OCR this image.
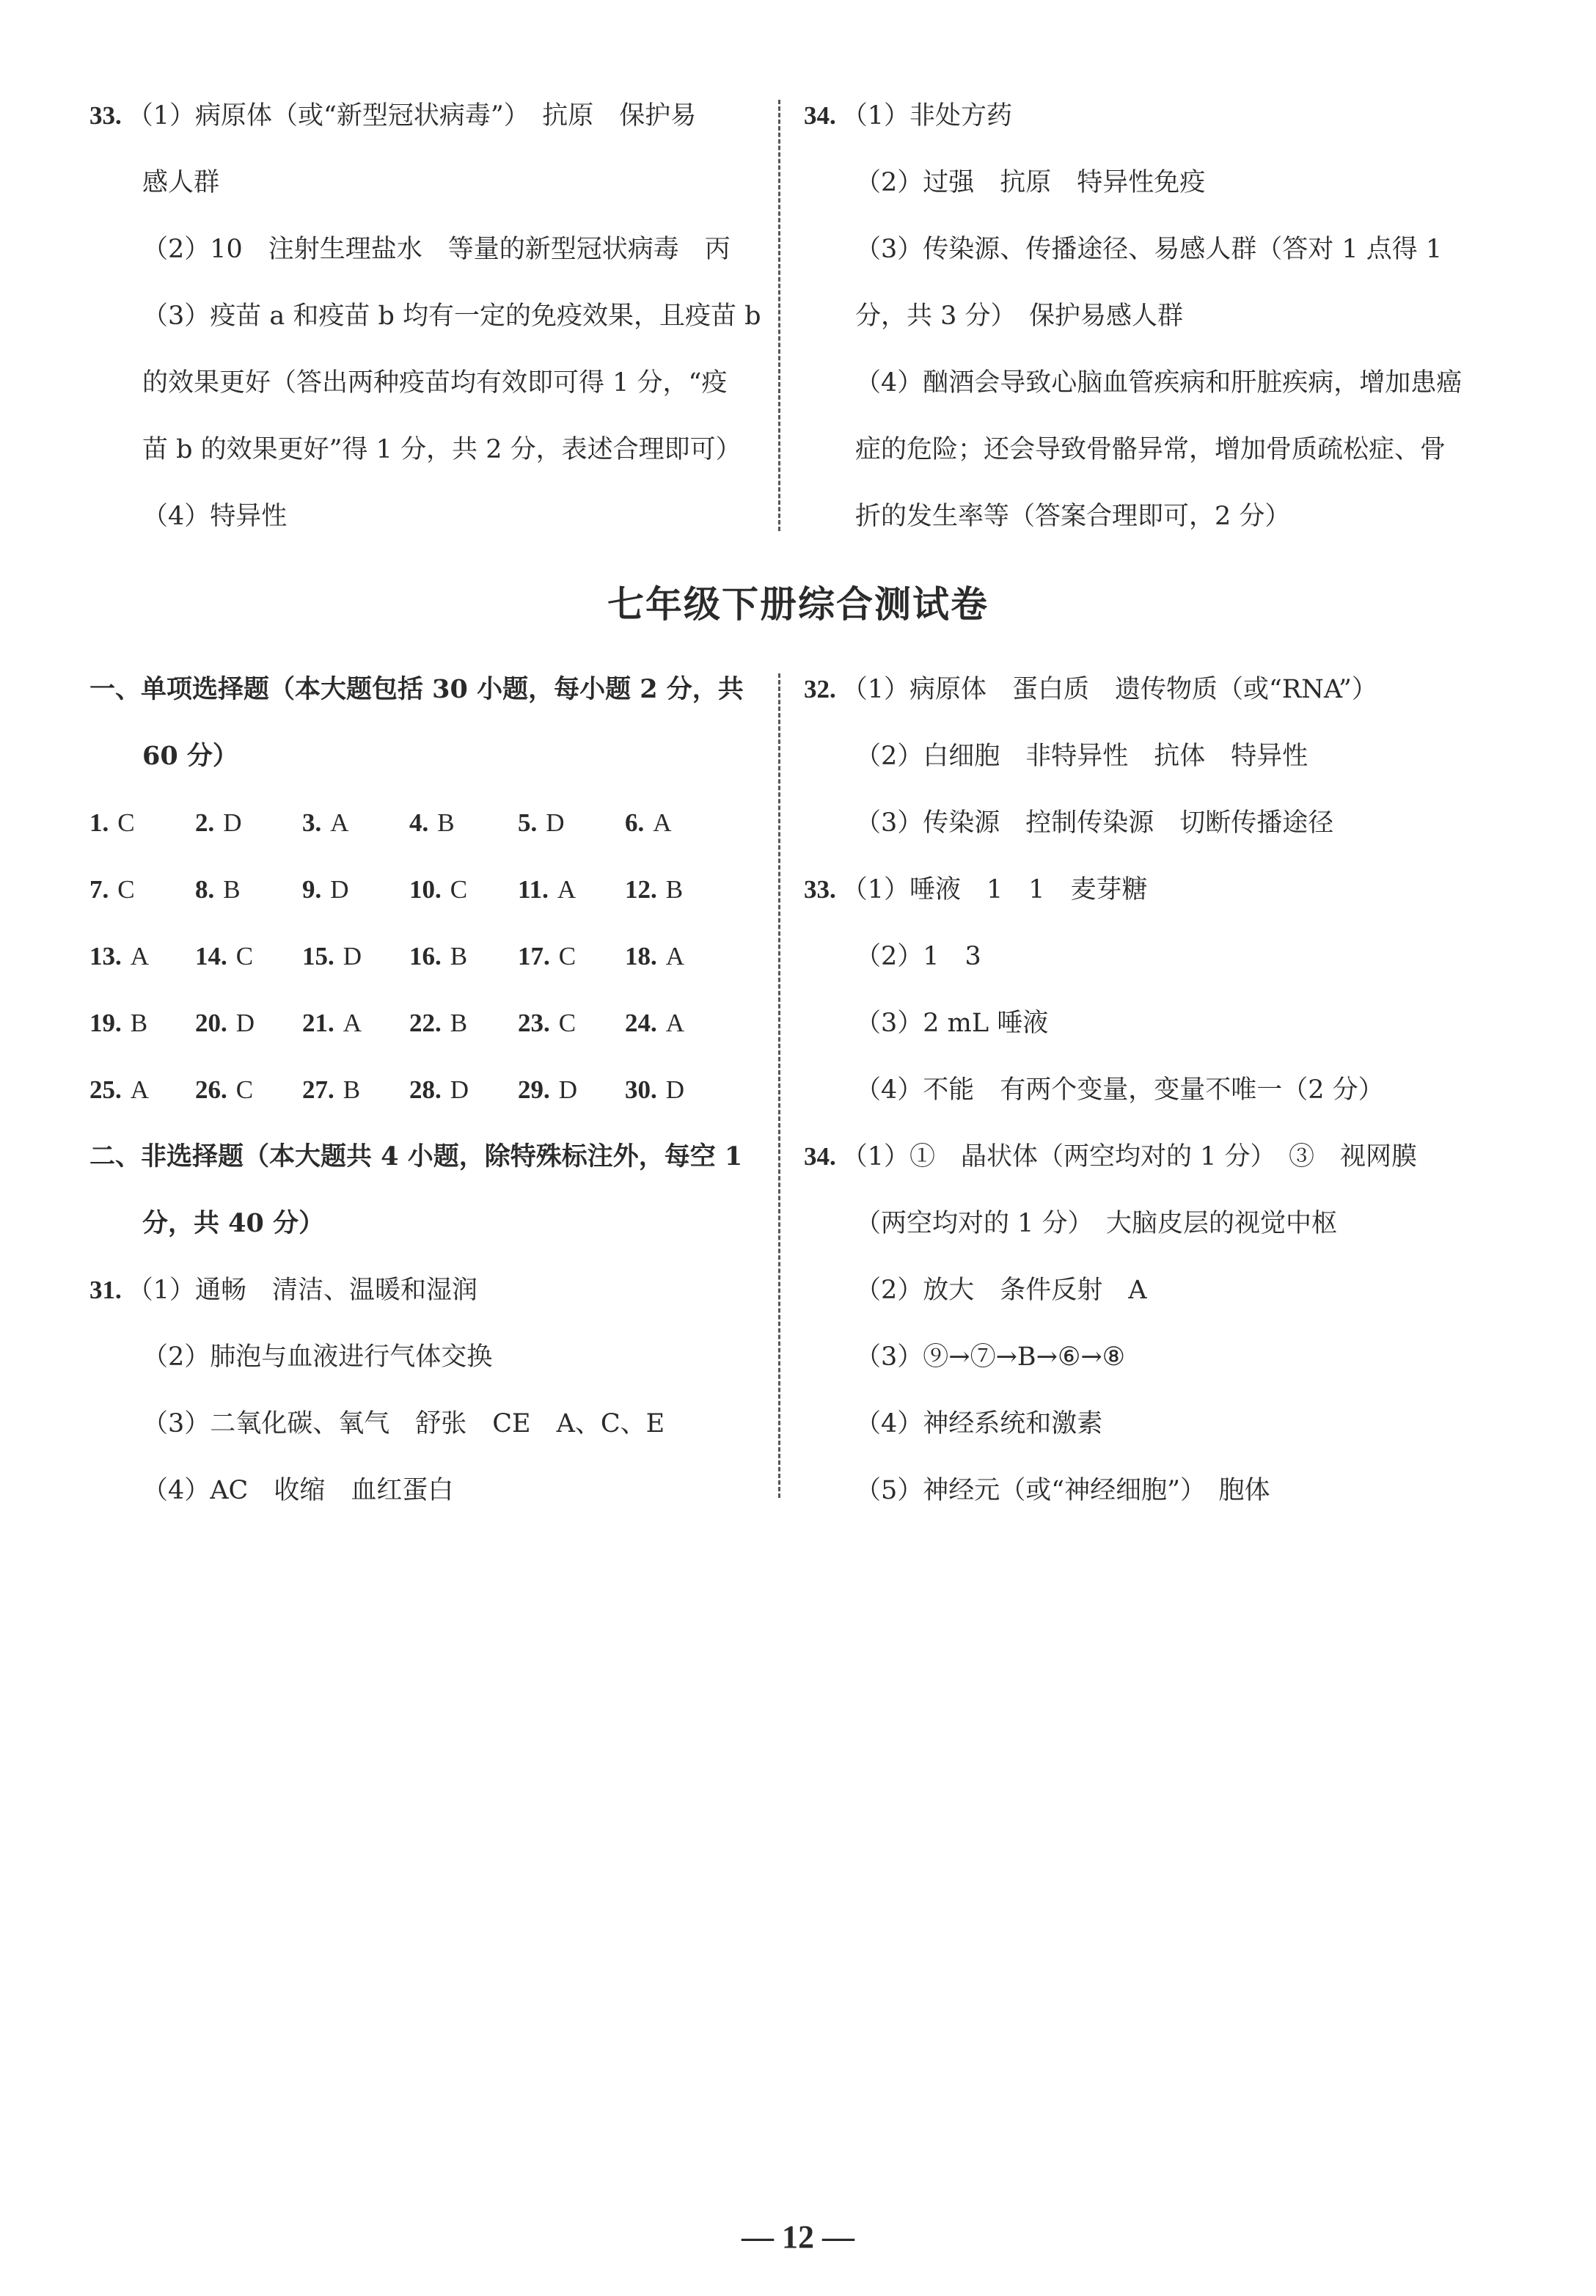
33. （1）病原体（或“新型冠状病毒”）　抗原　保护易
感人群
（2）10　注射生理盐水　等量的新型冠状病毒　丙
（3）疫苗 a 和疫苗 b 均有一定的免疫效果，且疫苗 b
的效果更好（答出两种疫苗均有效即可得 1 分，“疫
苗 b 的效果更好”得 1 分，共 2 分，表述合理即可）
（4）特异性
34. （1）非处方药
（2）过强　抗原　特异性免疫
（3）传染源、传播途径、易感人群（答对 1 点得 1
分，共 3 分）　保护易感人群
（4）酗酒会导致心脑血管疾病和肝脏疾病，增加患癌
症的危险；还会导致骨骼异常，增加骨质疏松症、骨
折的发生率等（答案合理即可，2 分）
七年级下册综合测试卷
一、单项选择题（本大题包括 30 小题，每小题 2 分，共
60 分）
1. C 2. D 3. A 4. B 5. D 6. A
7. C 8. B 9. D 10. C 11. A 12. B
13. A 14. C 15. D 16. B 17. C 18. A
19. B 20. D 21. A 22. B 23. C 24. A
25. A 26. C 27. B 28. D 29. D 30. D
二、非选择题（本大题共 4 小题，除特殊标注外，每空 1
分，共 40 分）
31. （1）通畅　清洁、温暖和湿润
（2）肺泡与血液进行气体交换
（3）二氧化碳、氧气　舒张　CE　A、C、E
（4）AC　收缩　血红蛋白
32. （1）病原体　蛋白质　遗传物质（或“RNA”）
（2）白细胞　非特异性　抗体　特异性
（3）传染源　控制传染源　切断传播途径
33. （1）唾液　1　1　麦芽糖
（2）1　3
（3）2 mL 唾液
（4）不能　有两个变量，变量不唯一（2 分）
34. （1）①　晶状体（两空均对的 1 分）　③　视网膜
（两空均对的 1 分）　大脑皮层的视觉中枢
（2）放大　条件反射　A
（3）⑨→⑦→B→⑥→⑧
（4）神经系统和激素
（5）神经元（或“神经细胞”）　胞体
— 12 —
